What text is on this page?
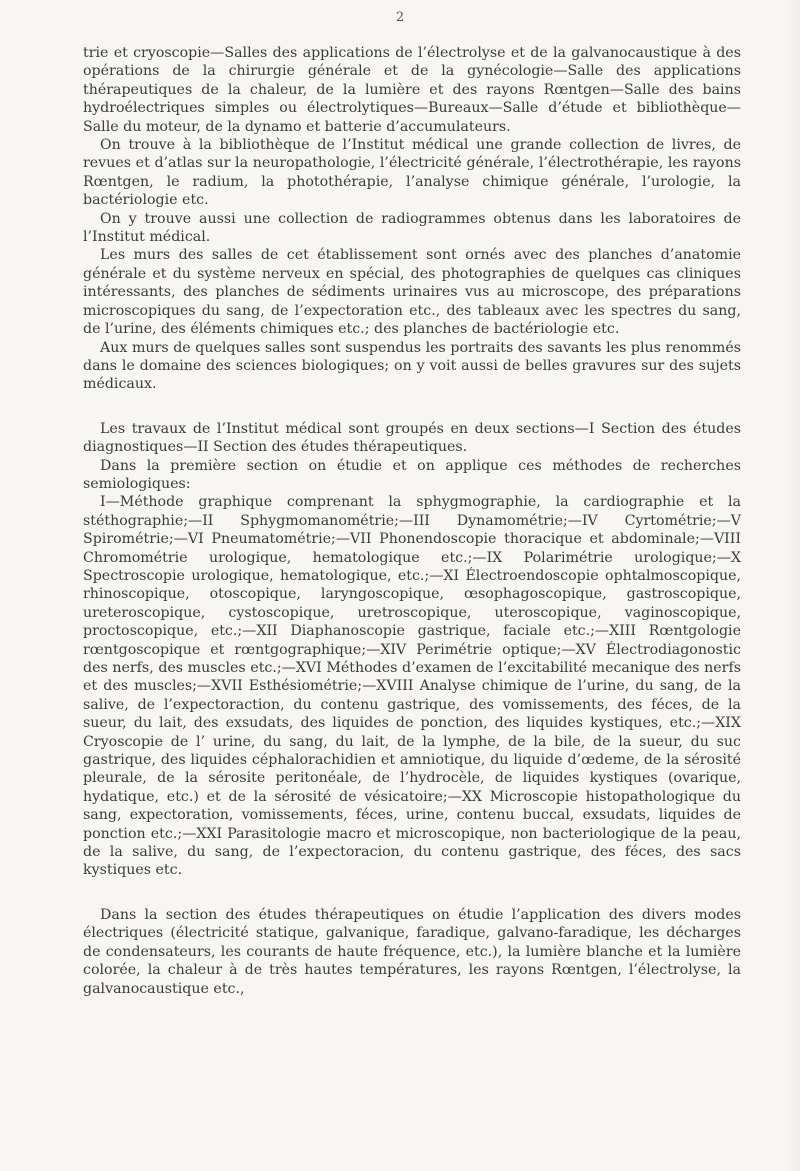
2

trie et cryoscopie—Salles des applications de l’électrolyse et de la galvanocaustique à des opérations de la chirurgie générale et de la gynécologie—Salle des applications thérapeutiques de la chaleur, de la lumière et des rayons Rœntgen—Salle des bains hydroélectriques simples ou électrolytiques—Bureaux—Salle d’étude et bibliothèque—Salle du moteur, de la dynamo et batterie d’accumulateurs.

On trouve à la bibliothèque de l’Institut médical une grande collection de livres, de revues et d’atlas sur la neuropathologie, l’électricité générale, l’électrothérapie, les rayons Rœntgen, le radium, la photothérapie, l’analyse chimique générale, l’urologie, la bactériologie etc.

On y trouve aussi une collection de radiogrammes obtenus dans les laboratoires de l’Institut médical.

Les murs des salles de cet établissement sont ornés avec des planches d’anatomie générale et du système nerveux en spécial, des photographies de quelques cas cliniques intéressants, des planches de sédiments urinaires vus au microscope, des préparations microscopiques du sang, de l’expectoration etc., des tableaux avec les spectres du sang, de l’urine, des éléments chimiques etc.; des planches de bactériologie etc.

Aux murs de quelques salles sont suspendus les portraits des savants les plus renommés dans le domaine des sciences biologiques; on y voit aussi de belles gravures sur des sujets médicaux.

Les travaux de l’Institut médical sont groupés en deux sections—I Section des études diagnostiques—II Section des études thérapeutiques.

Dans la première section on étudie et on applique ces méthodes de recherches semiologiques:

I—Méthode graphique comprenant la sphygmographie, la cardiographie et la stéthographie;—II Sphygmomanométrie;—III Dynamométrie;—IV Cyrtométrie;—V Spirométrie;—VI Pneumatométrie;—VII Phonendoscopie thoracique et abdominale;—VIII Chromométrie urologique, hematologique etc.;—IX Polarimétrie urologique;—X Spectroscopie urologique, hematologique, etc.;—XI Électroendoscopie ophtalmoscopique, rhinoscopique, otoscopique, laryngoscopique, œsophagoscopique, gastroscopique, ureteroscopique, cystoscopique, uretroscopique, uteroscopique, vaginoscopique, proctoscopique, etc.;—XII Diaphanoscopie gastrique, faciale etc.;—XIII Rœntgologie rœntgoscopique et rœntgographique;—XIV Perimétrie optique;—XV Électrodiagonostic des nerfs, des muscles etc.;—XVI Méthodes d’examen de l’excitabilité mecanique des nerfs et des muscles;—XVII Esthésiométrie;—XVIII Analyse chimique de l’urine, du sang, de la salive, de l’expectoraction, du contenu gastrique, des vomissements, des féces, de la sueur, du lait, des exsudats, des liquides de ponction, des liquides kystiques, etc.;—XIX Cryoscopie de l’ urine, du sang, du lait, de la lymphe, de la bile, de la sueur, du suc gastrique, des liquides céphalorachidien et amniotique, du liquide d’œdeme, de la sérosité pleurale, de la sérosite peritonéale, de l’hydrocèle, de liquides kystiques (ovarique, hydatique, etc.) et de la sérosité de vésicatoire;—XX Microscopie histopathologique du sang, expectoration, vomissements, féces, urine, contenu buccal, exsudats, liquides de ponction etc.;—XXI Parasitologie macro et microscopique, non bacteriologique de la peau, de la salive, du sang, de l’expectoracion, du contenu gastrique, des féces, des sacs kystiques etc.

Dans la section des études thérapeutiques on étudie l’application des divers modes électriques (électricité statique, galvanique, faradique, galvano-faradique, les décharges de condensateurs, les courants de haute fréquence, etc.), la lumière blanche et la lumière colorée, la chaleur à de très hautes températures, les rayons Rœntgen, l’électrolyse, la galvanocaustique etc.,
